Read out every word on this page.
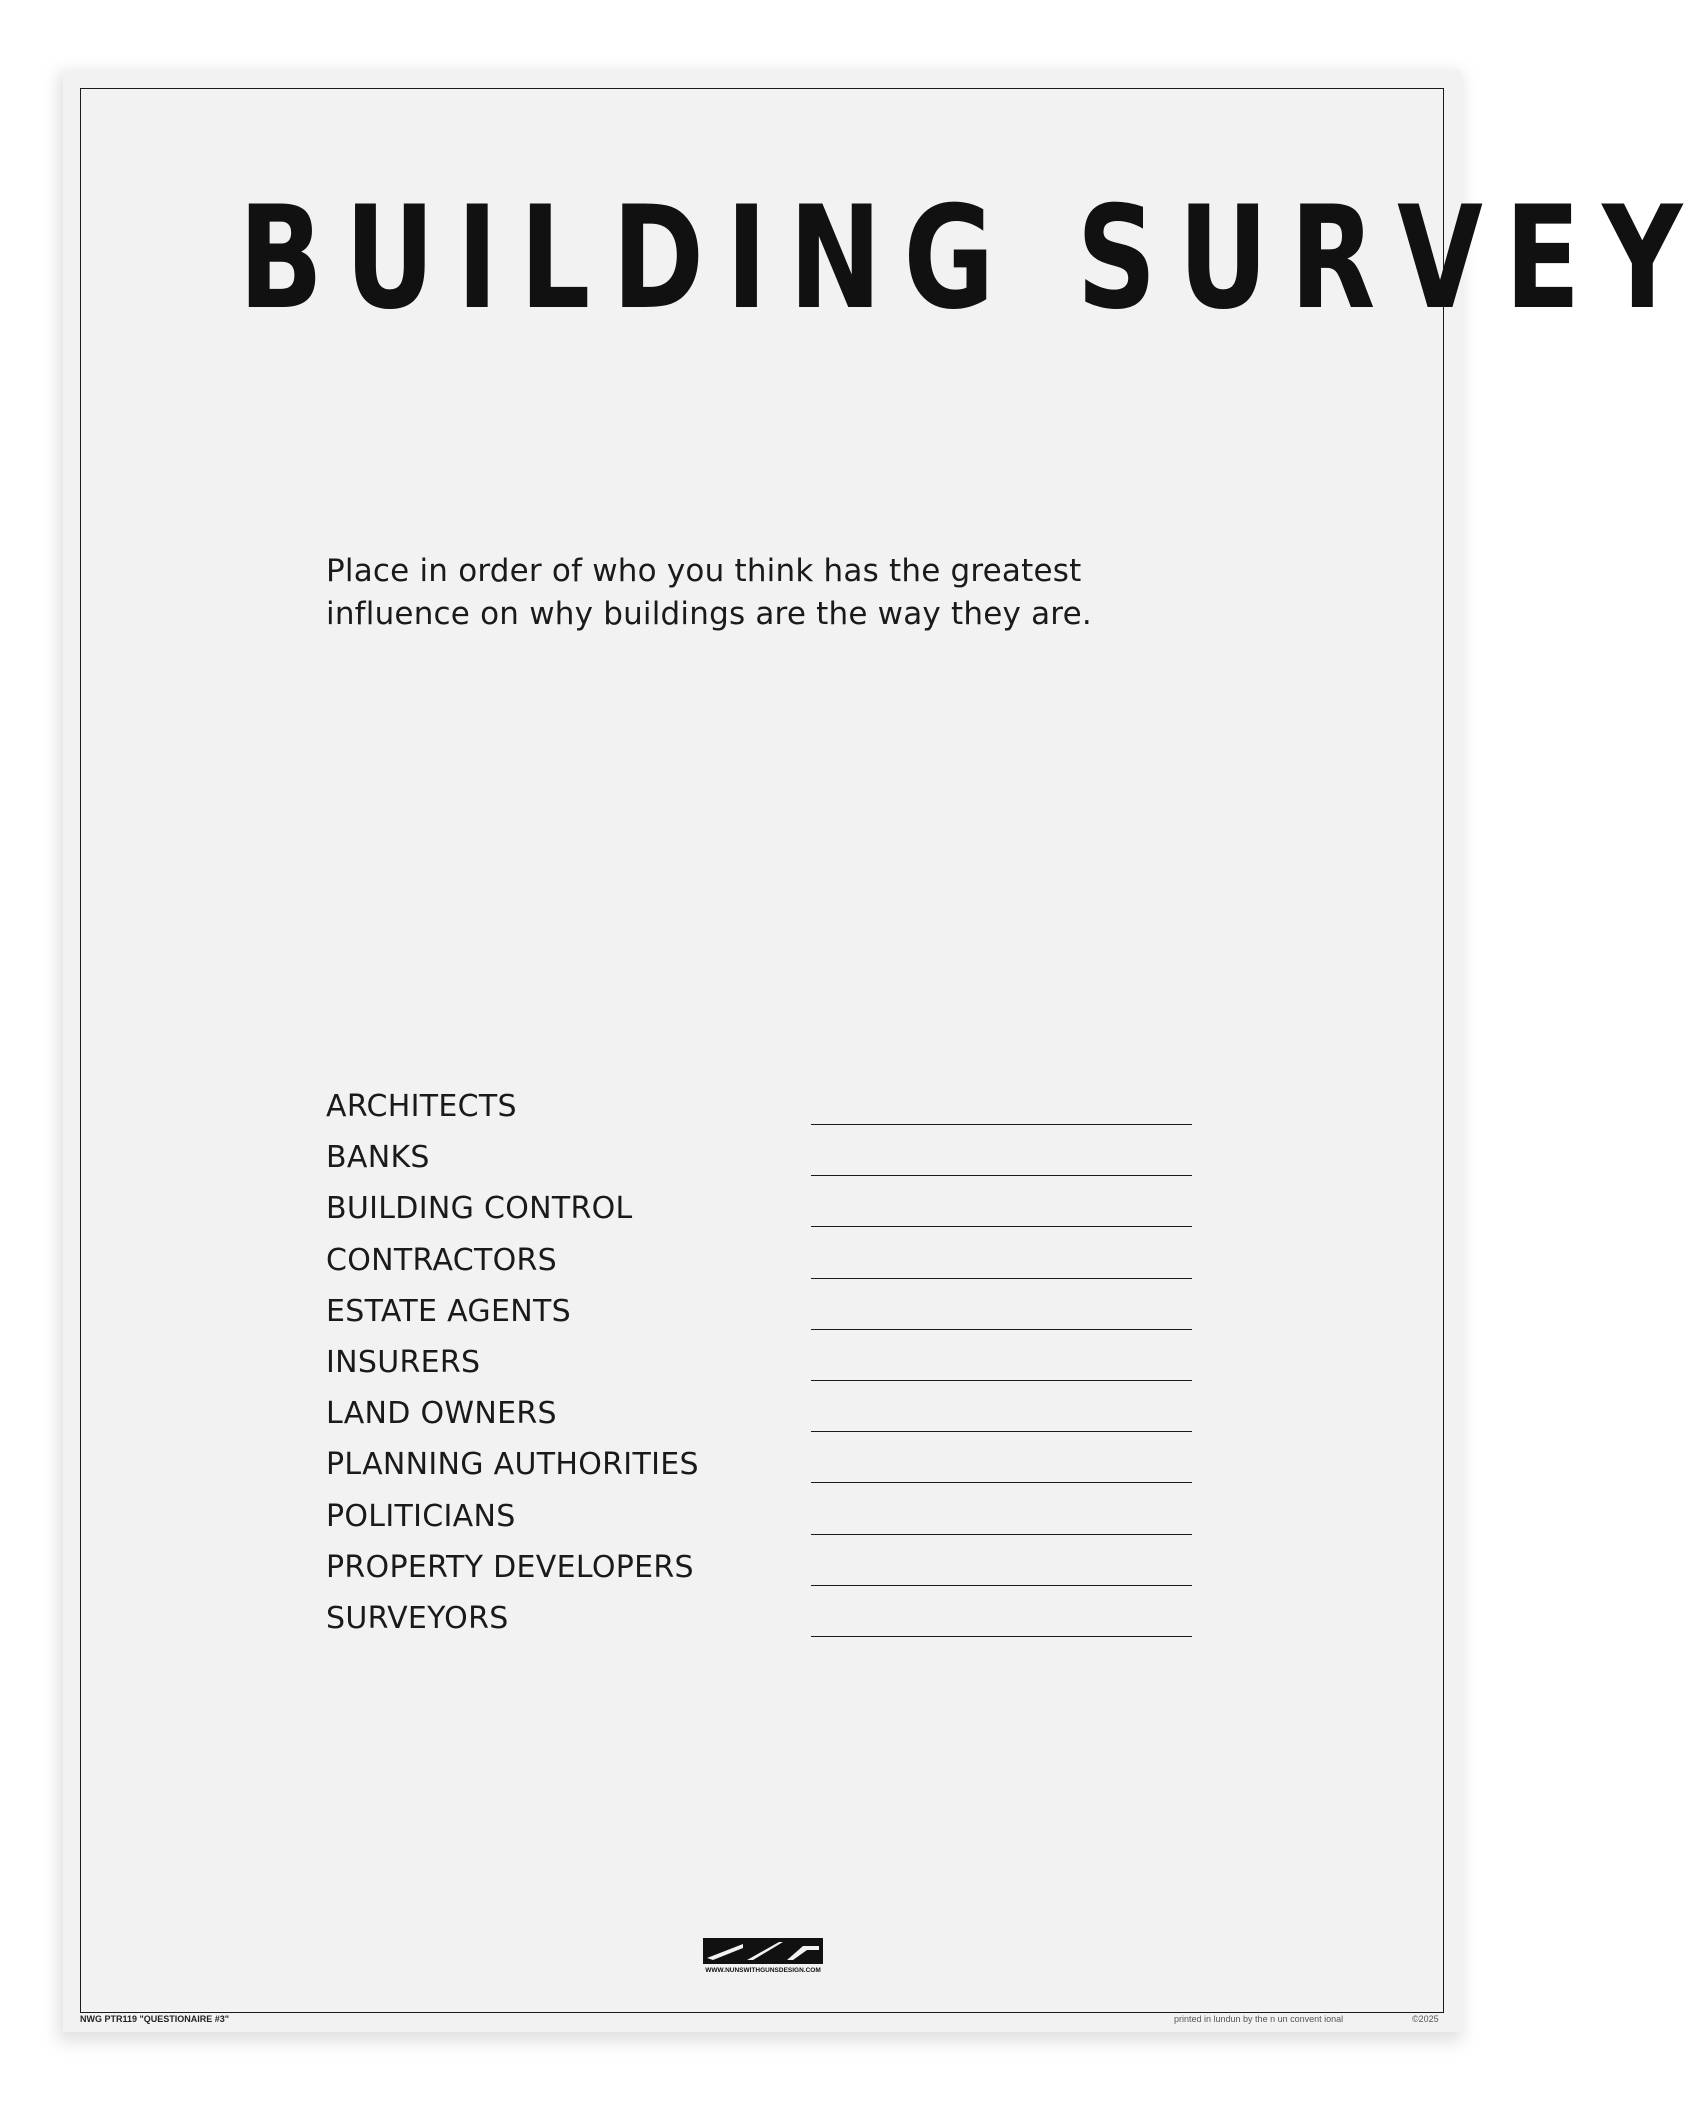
BUILDING SURVEY
Place in order of who you think has the greatest influence on why buildings are the way they are.
ARCHITECTS
BANKS
BUILDING CONTROL
CONTRACTORS
ESTATE AGENTS
INSURERS
LAND OWNERS
PLANNING AUTHORITIES
POLITICIANS
PROPERTY DEVELOPERS
SURVEYORS
WWW.NUNSWITHGUNSDESIGN.COM
NWG PTR119 "QUESTIONAIRE #3"	printed in lundun by the n un convent ional	©2025
